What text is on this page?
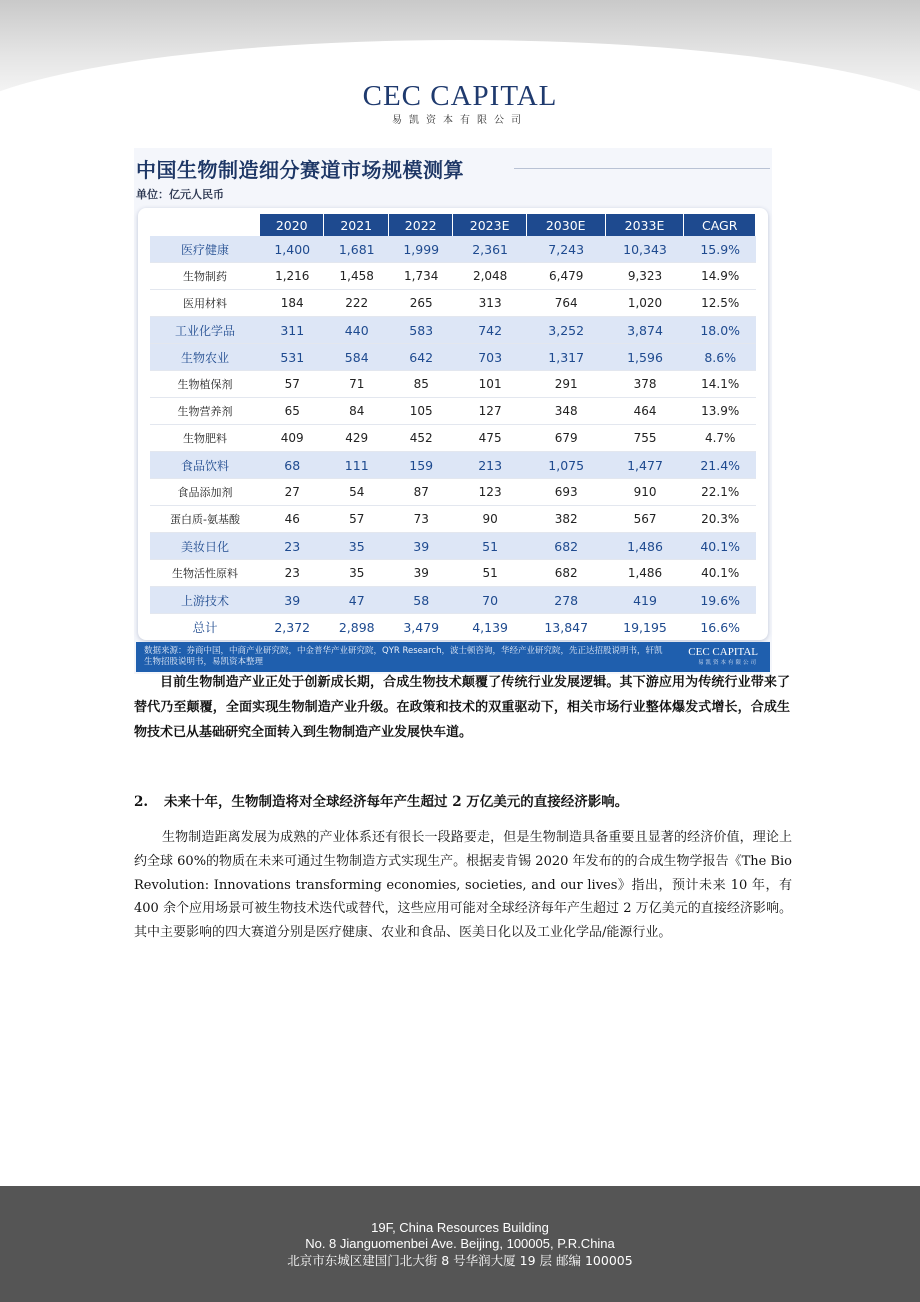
CEC CAPITAL
易凯资本有限公司
中国生物制造细分赛道市场规模测算
单位：亿元人民币
	2020	2021	2022	2023E	2030E	2033E	CAGR
医疗健康	1,400	1,681	1,999	2,361	7,243	10,343	15.9%
生物制药	1,216	1,458	1,734	2,048	6,479	9,323	14.9%
医用材料	184	222	265	313	764	1,020	12.5%
工业化学品	311	440	583	742	3,252	3,874	18.0%
生物农业	531	584	642	703	1,317	1,596	8.6%
生物植保剂	57	71	85	101	291	378	14.1%
生物营养剂	65	84	105	127	348	464	13.9%
生物肥料	409	429	452	475	679	755	4.7%
食品饮料	68	111	159	213	1,075	1,477	21.4%
食品添加剂	27	54	87	123	693	910	22.1%
蛋白质-氨基酸	46	57	73	90	382	567	20.3%
美妆日化	23	35	39	51	682	1,486	40.1%
生物活性原料	23	35	39	51	682	1,486	40.1%
上游技术	39	47	58	70	278	419	19.6%
总计	2,372	2,898	3,479	4,139	13,847	19,195	16.6%
数据来源：券商中国，中商产业研究院，中金普华产业研究院，QYR Research，波士顿咨询，华经产业研究院，先正达招股说明书，轩凯生物招股说明书，易凯资本整理
CEC CAPITAL
易凯资本有限公司
目前生物制造产业正处于创新成长期，合成生物技术颠覆了传统行业发展逻辑。其下游应用为传统行业带来了替代乃至颠覆，全面实现生物制造产业升级。在政策和技术的双重驱动下，相关市场行业整体爆发式增长，合成生物技术已从基础研究全面转入到生物制造产业发展快车道。
2. 未来十年，生物制造将对全球经济每年产生超过 2 万亿美元的直接经济影响。
生物制造距离发展为成熟的产业体系还有很长一段路要走，但是生物制造具备重要且显著的经济价值，理论上约全球 60%的物质在未来可通过生物制造方式实现生产。根据麦肯锡 2020 年发布的的合成生物学报告《The Bio Revolution: Innovations transforming economies, societies, and our lives》指出，预计未来 10 年，有 400 余个应用场景可被生物技术迭代或替代，这些应用可能对全球经济每年产生超过 2 万亿美元的直接经济影响。其中主要影响的四大赛道分别是医疗健康、农业和食品、医美日化以及工业化学品/能源行业。
19F, China Resources Building
No. 8 Jianguomenbei Ave. Beijing, 100005, P.R.China
北京市东城区建国门北大街 8 号华润大厦 19 层 邮编 100005
